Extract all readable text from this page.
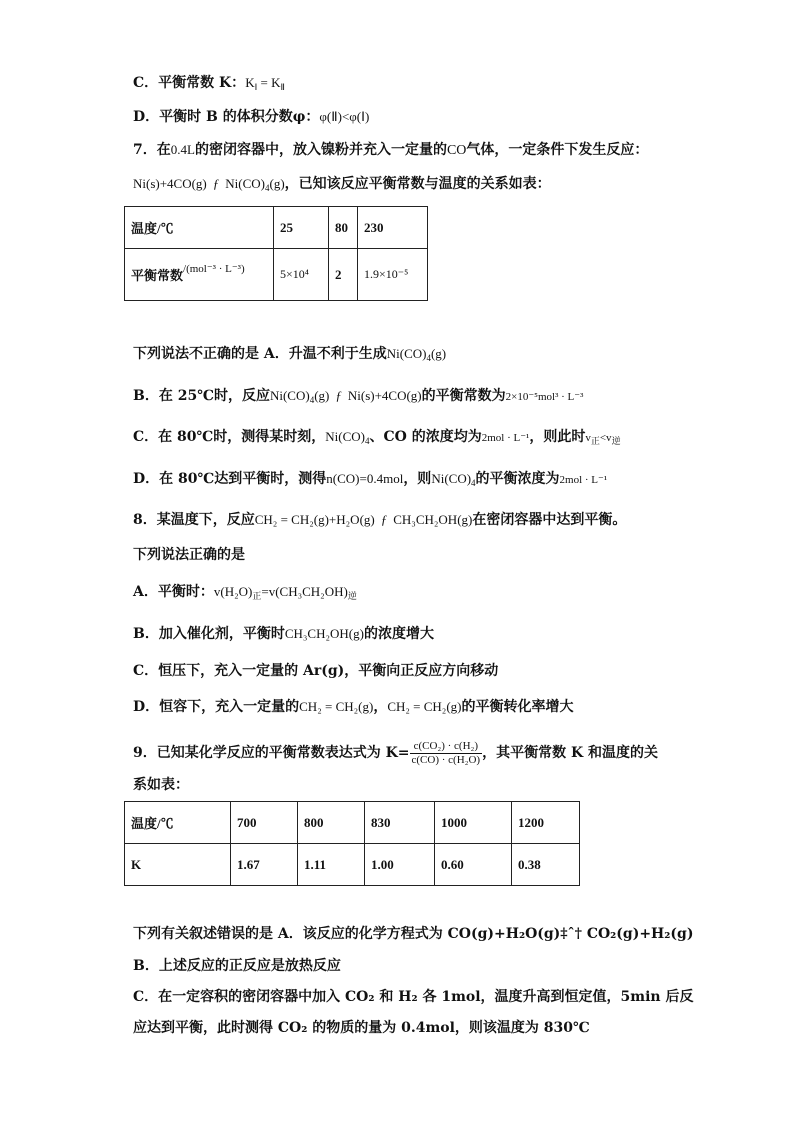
C．平衡常数 K：$K_Ⅰ = K_Ⅱ$
D．平衡时 B 的体积分数φ：φ(Ⅱ)<φ(Ⅰ)
7．在0.4L的密闭容器中，放入镍粉并充入一定量的CO气体，一定条件下发生反应：
Ni(s)+4CO(g) ƒ $Ni(CO)_4(g)$，已知该反应平衡常数与温度的关系如表：
温度/℃	25	80	230
平衡常数$^{/(mol^{-3} \cdot L^{-3})}$	5×10⁴	2	1.9×10⁻⁵
下列说法不正确的是 A．升温不利于生成$Ni(CO)_4(g)$
B．在 25℃时，反应$Ni(CO)_4(g)$ ƒ Ni(s)+4CO(g)的平衡常数为2×10⁻⁵mol³ · L⁻³
C．在 80℃时，测得某时刻，$Ni(CO)_4$、CO 的浓度均为2mol · L⁻¹，则此时$v_正<v_逆$
D．在 80℃达到平衡时，测得n(CO)=0.4mol，则$Ni(CO)_4$的平衡浓度为2mol · L⁻¹
8．某温度下，反应CH₂ = CH₂(g)+H₂O(g) ƒ CH₃CH₂OH(g)在密闭容器中达到平衡。
下列说法正确的是
A．平衡时：$v(H_2O)_正=v(CH_3CH_2OH)_逆$
B．加入催化剂，平衡时CH₃CH₂OH(g)的浓度增大
C．恒压下，充入一定量的 Ar(g)，平衡向正反应方向移动
D．恒容下，充入一定量的CH₂ = CH₂(g)，CH₂ = CH₂(g)的平衡转化率增大
9．已知某化学反应的平衡常数表达式为 $K= \frac{\text{c(CO₂) · c(H₂)}}{\text{c(CO) · c(H₂O)}}$ ，其平衡常数 K 和温度的关
系如表：
温度/℃	700	800	830	1000	1200
K	1.67	1.11	1.00	0.60	0.38
下列有关叙述错误的是 A．该反应的化学方程式为 CO(g)+H₂O(g)‡ˆ† CO₂(g)+H₂(g)
B．上述反应的正反应是放热反应
C．在一定容积的密闭容器中加入 CO₂ 和 H₂ 各 1mol，温度升高到恒定值，5min 后反
应达到平衡，此时测得 CO₂ 的物质的量为 0.4mol，则该温度为 830℃
